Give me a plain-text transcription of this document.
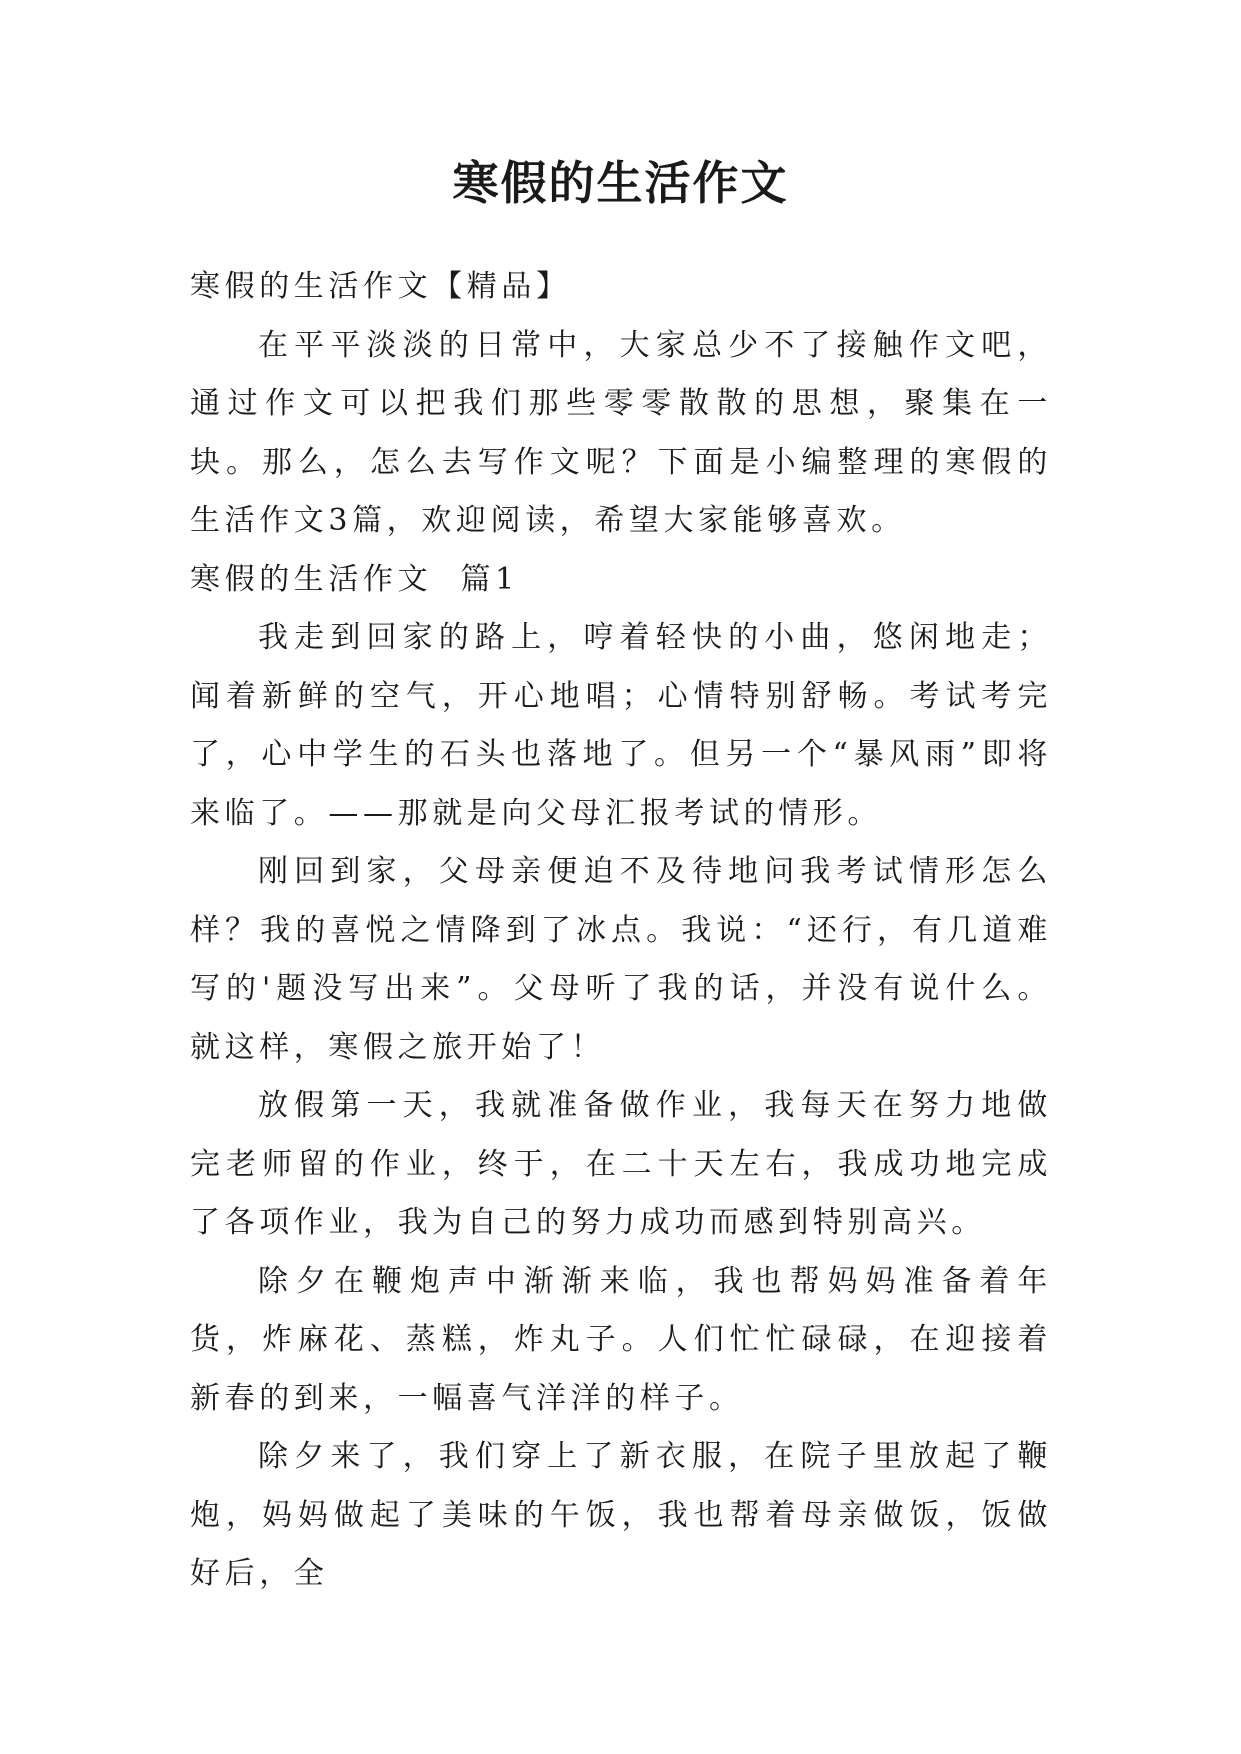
寒假的生活作文

寒假的生活作文【精品】

在平平淡淡的日常中，大家总少不了接触作文吧，通过作文可以把我们那些零零散散的思想，聚集在一块。那么，怎么去写作文呢？下面是小编整理的寒假的生活作文3篇，欢迎阅读，希望大家能够喜欢。

寒假的生活作文  篇1

我走到回家的路上，哼着轻快的小曲，悠闲地走；闻着新鲜的空气，开心地唱；心情特别舒畅。考试考完了，心中学生的石头也落地了。但另一个“暴风雨”即将来临了。——那就是向父母汇报考试的情形。

刚回到家，父母亲便迫不及待地问我考试情形怎么样？我的喜悦之情降到了冰点。我说：“还行，有几道难写的'题没写出来”。父母听了我的话，并没有说什么。就这样，寒假之旅开始了！

放假第一天，我就准备做作业，我每天在努力地做完老师留的作业，终于，在二十天左右，我成功地完成了各项作业，我为自己的努力成功而感到特别高兴。

除夕在鞭炮声中渐渐来临，我也帮妈妈准备着年货，炸麻花、蒸糕，炸丸子。人们忙忙碌碌，在迎接着新春的到来，一幅喜气洋洋的样子。

除夕来了，我们穿上了新衣服，在院子里放起了鞭炮，妈妈做起了美味的午饭，我也帮着母亲做饭，饭做好后，全
